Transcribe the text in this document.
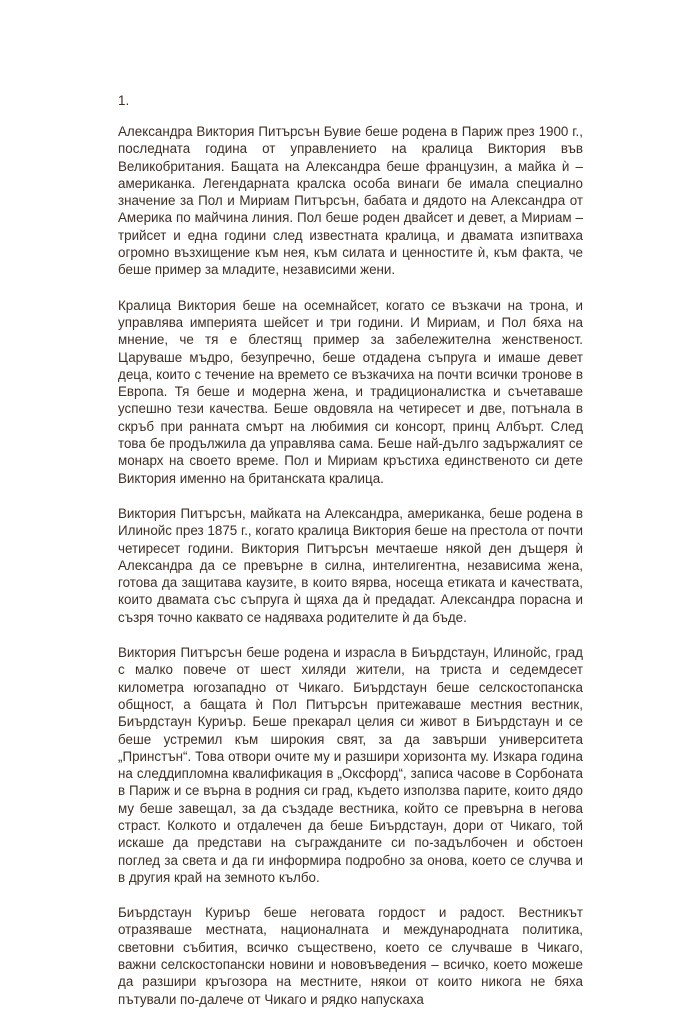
1.

Александра Виктория Питърсън Бувие беше родена в Париж през 1900 г., последната година от управлението на кралица Виктория във Великобритания. Бащата на Александра беше французин, а майка ѝ – американка. Легендарната кралска особа винаги бе имала специално значение за Пол и Мириам Питърсън, бабата и дядото на Александра от Америка по майчина линия. Пол беше роден двайсет и девет, а Мириам – трийсет и една години след известната кралица, и двамата изпитваха огромно възхищение към нея, към силата и ценностите ѝ, към факта, че беше пример за младите, независими жени.

Кралица Виктория беше на осемнайсет, когато се възкачи на трона, и управлява империята шейсет и три години. И Мириам, и Пол бяха на мнение, че тя е блестящ пример за забележителна женственост. Царуваше мъдро, безупречно, беше отдадена съпруга и имаше девет деца, които с течение на времето се възкачиха на почти всички тронове в Европа. Тя беше и модерна жена, и традиционалистка и съчетаваше успешно тези качества. Беше овдовяла на четиресет и две, потънала в скръб при ранната смърт на любимия си консорт, принц Албърт. След това бе продължила да управлява сама. Беше най-дълго задържалият се монарх на своето време. Пол и Мириам кръстиха единственото си дете Виктория именно на британската кралица.

Виктория Питърсън, майката на Александра, американка, беше родена в Илинойс през 1875 г., когато кралица Виктория беше на престола от почти четиресет години. Виктория Питърсън мечтаеше някой ден дъщеря ѝ Александра да се превърне в силна, интелигентна, независима жена, готова да защитава каузите, в които вярва, носеща етиката и качествата, които двамата със съпруга ѝ щяха да ѝ предадат. Александра порасна и съзря точно каквато се надяваха родителите ѝ да бъде.

Виктория Питърсън беше родена и израсла в Биърдстаун, Илинойс, град с малко повече от шест хиляди жители, на триста и седемдесет километра югозападно от Чикаго. Биърдстаун беше селскостопанска общност, а бащата ѝ Пол Питърсън притежаваше местния вестник, Биърдстаун Куриър. Беше прекарал целия си живот в Биърдстаун и се беше устремил към широкия свят, за да завърши университета „Принстън“. Това отвори очите му и разшири хоризонта му. Изкара година на следдипломна квалификация в „Оксфорд“, записа часове в Сорбоната в Париж и се върна в родния си град, където използва парите, които дядо му беше завещал, за да създаде вестника, който се превърна в негова страст. Колкото и отдалечен да беше Биърдстаун, дори от Чикаго, той искаше да представи на съгражданите си по-задълбочен и обстоен поглед за света и да ги информира подробно за онова, което се случва и в другия край на земното кълбо.

Биърдстаун Куриър беше неговата гордост и радост. Вестникът отразяваше местната, националната и международната политика, световни събития, всичко съществено, което се случваше в Чикаго, важни селскостопански новини и нововъведения – всичко, което можеше да разшири кръгозора на местните, някои от които никога не бяха пътували по-далече от Чикаго и рядко напускаха
